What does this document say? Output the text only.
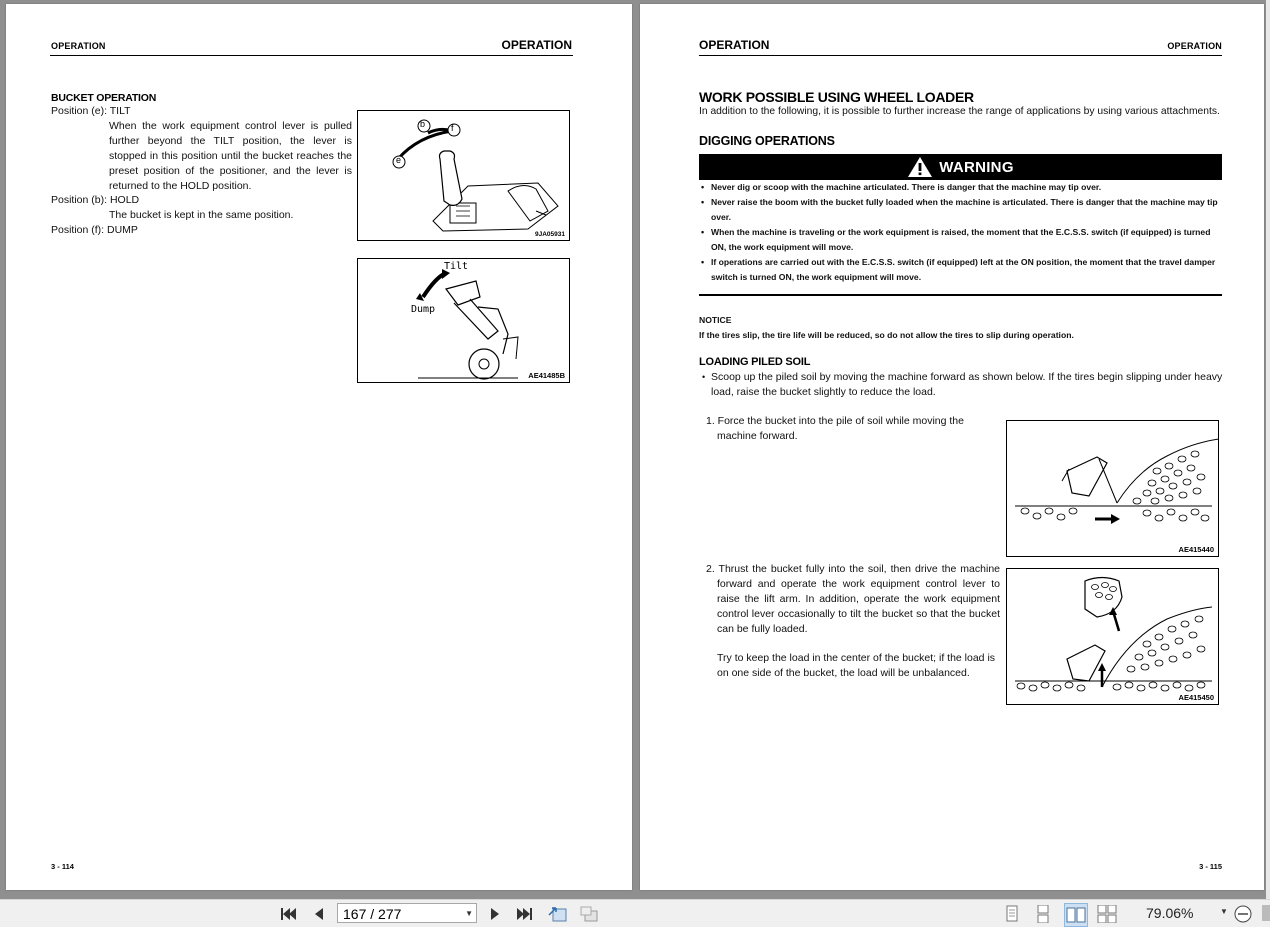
OPERATION	OPERATION
BUCKET OPERATION
Position (e): TILT
When the work equipment control lever is pulled further beyond the TILT position, the lever is stopped in this position until the bucket reaches the preset position of the positioner, and the lever is returned to the HOLD position.
Position (b): HOLD
The bucket is kept in the same position.
Position (f): DUMP
b	f
e
9JA05931
Tilt
Dump
AE41485B
3 - 114
OPERATION	OPERATION
WORK POSSIBLE USING WHEEL LOADER
In addition to the following, it is possible to further increase the range of applications by using various attachments.
DIGGING OPERATIONS
WARNING
• Never dig or scoop with the machine articulated. There is danger that the machine may tip over.
• Never raise the boom with the bucket fully loaded when the machine is articulated. There is danger that the machine may tip over.
• When the machine is traveling or the work equipment is raised, the moment that the E.C.S.S. switch (if equipped) is turned ON, the work equipment will move.
• If operations are carried out with the E.C.S.S. switch (if equipped) left at the ON position, the moment that the travel damper switch is turned ON, the work equipment will move.
NOTICE
If the tires slip, the tire life will be reduced, so do not allow the tires to slip during operation.
LOADING PILED SOIL
• Scoop up the piled soil by moving the machine forward as shown below. If the tires begin slipping under heavy load, raise the bucket slightly to reduce the load.
1. Force the bucket into the pile of soil while moving the machine forward.
AE415440
2. Thrust the bucket fully into the soil, then drive the machine forward and operate the work equipment control lever to raise the lift arm. In addition, operate the work equipment control lever occasionally to tilt the bucket so that the bucket can be fully loaded.
Try to keep the load in the center of the bucket; if the load is on one side of the bucket, the load will be unbalanced.
AE415450
3 - 115
167 / 277	▼	79.06%	▼
